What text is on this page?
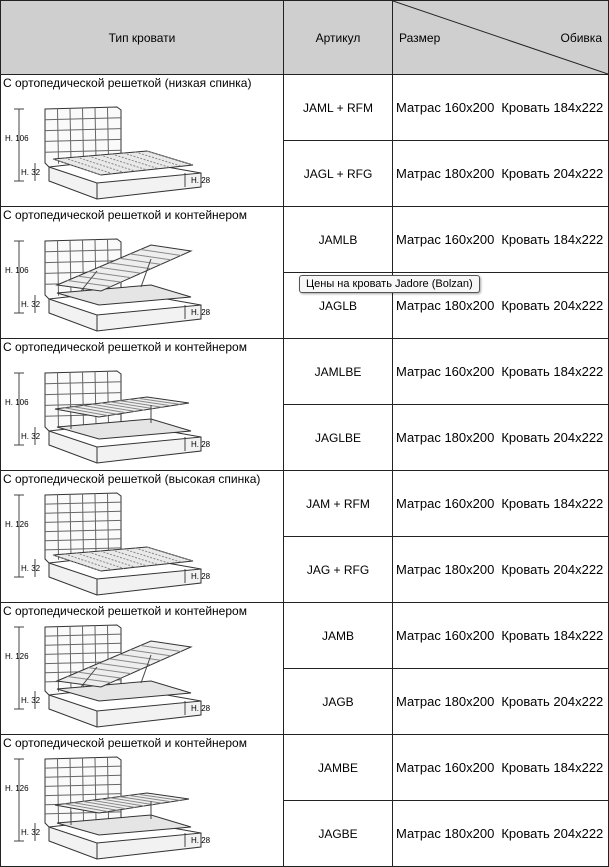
Тип кровати	Артикул	Размер Обивка

H. 106
H. 32
H. 28
С ортопедической решеткой (низкая спинка)	JAML + RFM	Матрас 160x200 Кровать 184x222
	JAGL + RFG	Матрас 180x200 Кровать 204x222

H. 106
H. 32
H. 28
С ортопедической решеткой и контейнером	JAMLB	Матрас 160x200 Кровать 184x222
	JAGLB	Матрас 180x200 Кровать 204x222

H. 106
H. 32
H. 28
С ортопедической решеткой и контейнером	JAMLBE	Матрас 160x200 Кровать 184x222
	JAGLBE	Матрас 180x200 Кровать 204x222

H. 126
H. 32
H. 28
С ортопедической решеткой (высокая спинка)	JAM + RFM	Матрас 160x200 Кровать 184x222
	JAG + RFG	Матрас 180x200 Кровать 204x222

H. 126
H. 32
H. 28
С ортопедической решеткой и контейнером	JAMB	Матрас 160x200 Кровать 184x222
	JAGB	Матрас 180x200 Кровать 204x222

H. 126
H. 32
H. 28
С ортопедической решеткой и контейнером	JAMBE	Матрас 160x200 Кровать 184x222
	JAGBE	Матрас 180x200 Кровать 204x222
Цены на кровать Jadore (Bolzan)
